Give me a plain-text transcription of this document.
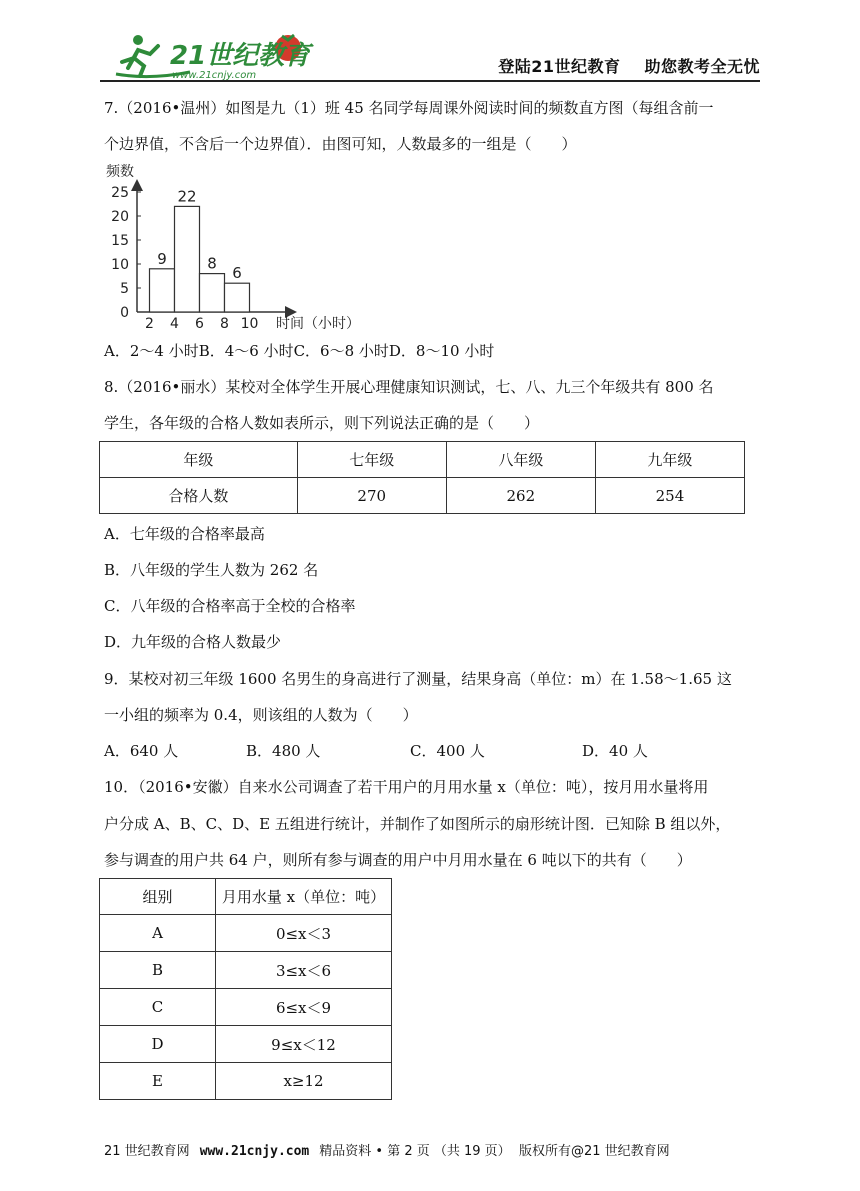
21世纪教育
www.21cnjy.com	登陆21世纪教育 助您教考全无忧
7.（2016•温州）如图是九（1）班 45 名同学每周课外阅读时间的频数直方图（每组含前一
个边界值，不含后一个边界值）．由图可知，人数最多的一组是（　　）
频数
时间（小时）
0
5
10
15
20
25
2 4 6 8 10
9
22
8
6
A．2～4 小时B．4～6 小时C．6～8 小时D．8～10 小时
8.（2016•丽水）某校对全体学生开展心理健康知识测试，七、八、九三个年级共有 800 名
学生，各年级的合格人数如表所示，则下列说法正确的是（　　）
年级	七年级	八年级	九年级
合格人数	270	262	254
A．七年级的合格率最高
B．八年级的学生人数为 262 名
C．八年级的合格率高于全校的合格率
D．九年级的合格人数最少
9．某校对初三年级 1600 名男生的身高进行了测量，结果身高（单位：m）在 1.58～1.65 这
一小组的频率为 0.4，则该组的人数为（　　）
A．640 人	B．480 人	C．400 人	D．40 人
10．（2016•安徽）自来水公司调查了若干用户的月用水量 x（单位：吨），按月用水量将用
户分成 A、B、C、D、E 五组进行统计，并制作了如图所示的扇形统计图．已知除 B 组以外，
参与调查的用户共 64 户，则所有参与调查的用户中月用水量在 6 吨以下的共有（　　）
组别	月用水量 x（单位：吨）
A	0≤x＜3
B	3≤x＜6
C	6≤x＜9
D	9≤x＜12
E	x≥12
21 世纪教育网 www.21cnjy.com 精品资料 • 第 2 页 （共 19 页） 版权所有@21 世纪教育网
